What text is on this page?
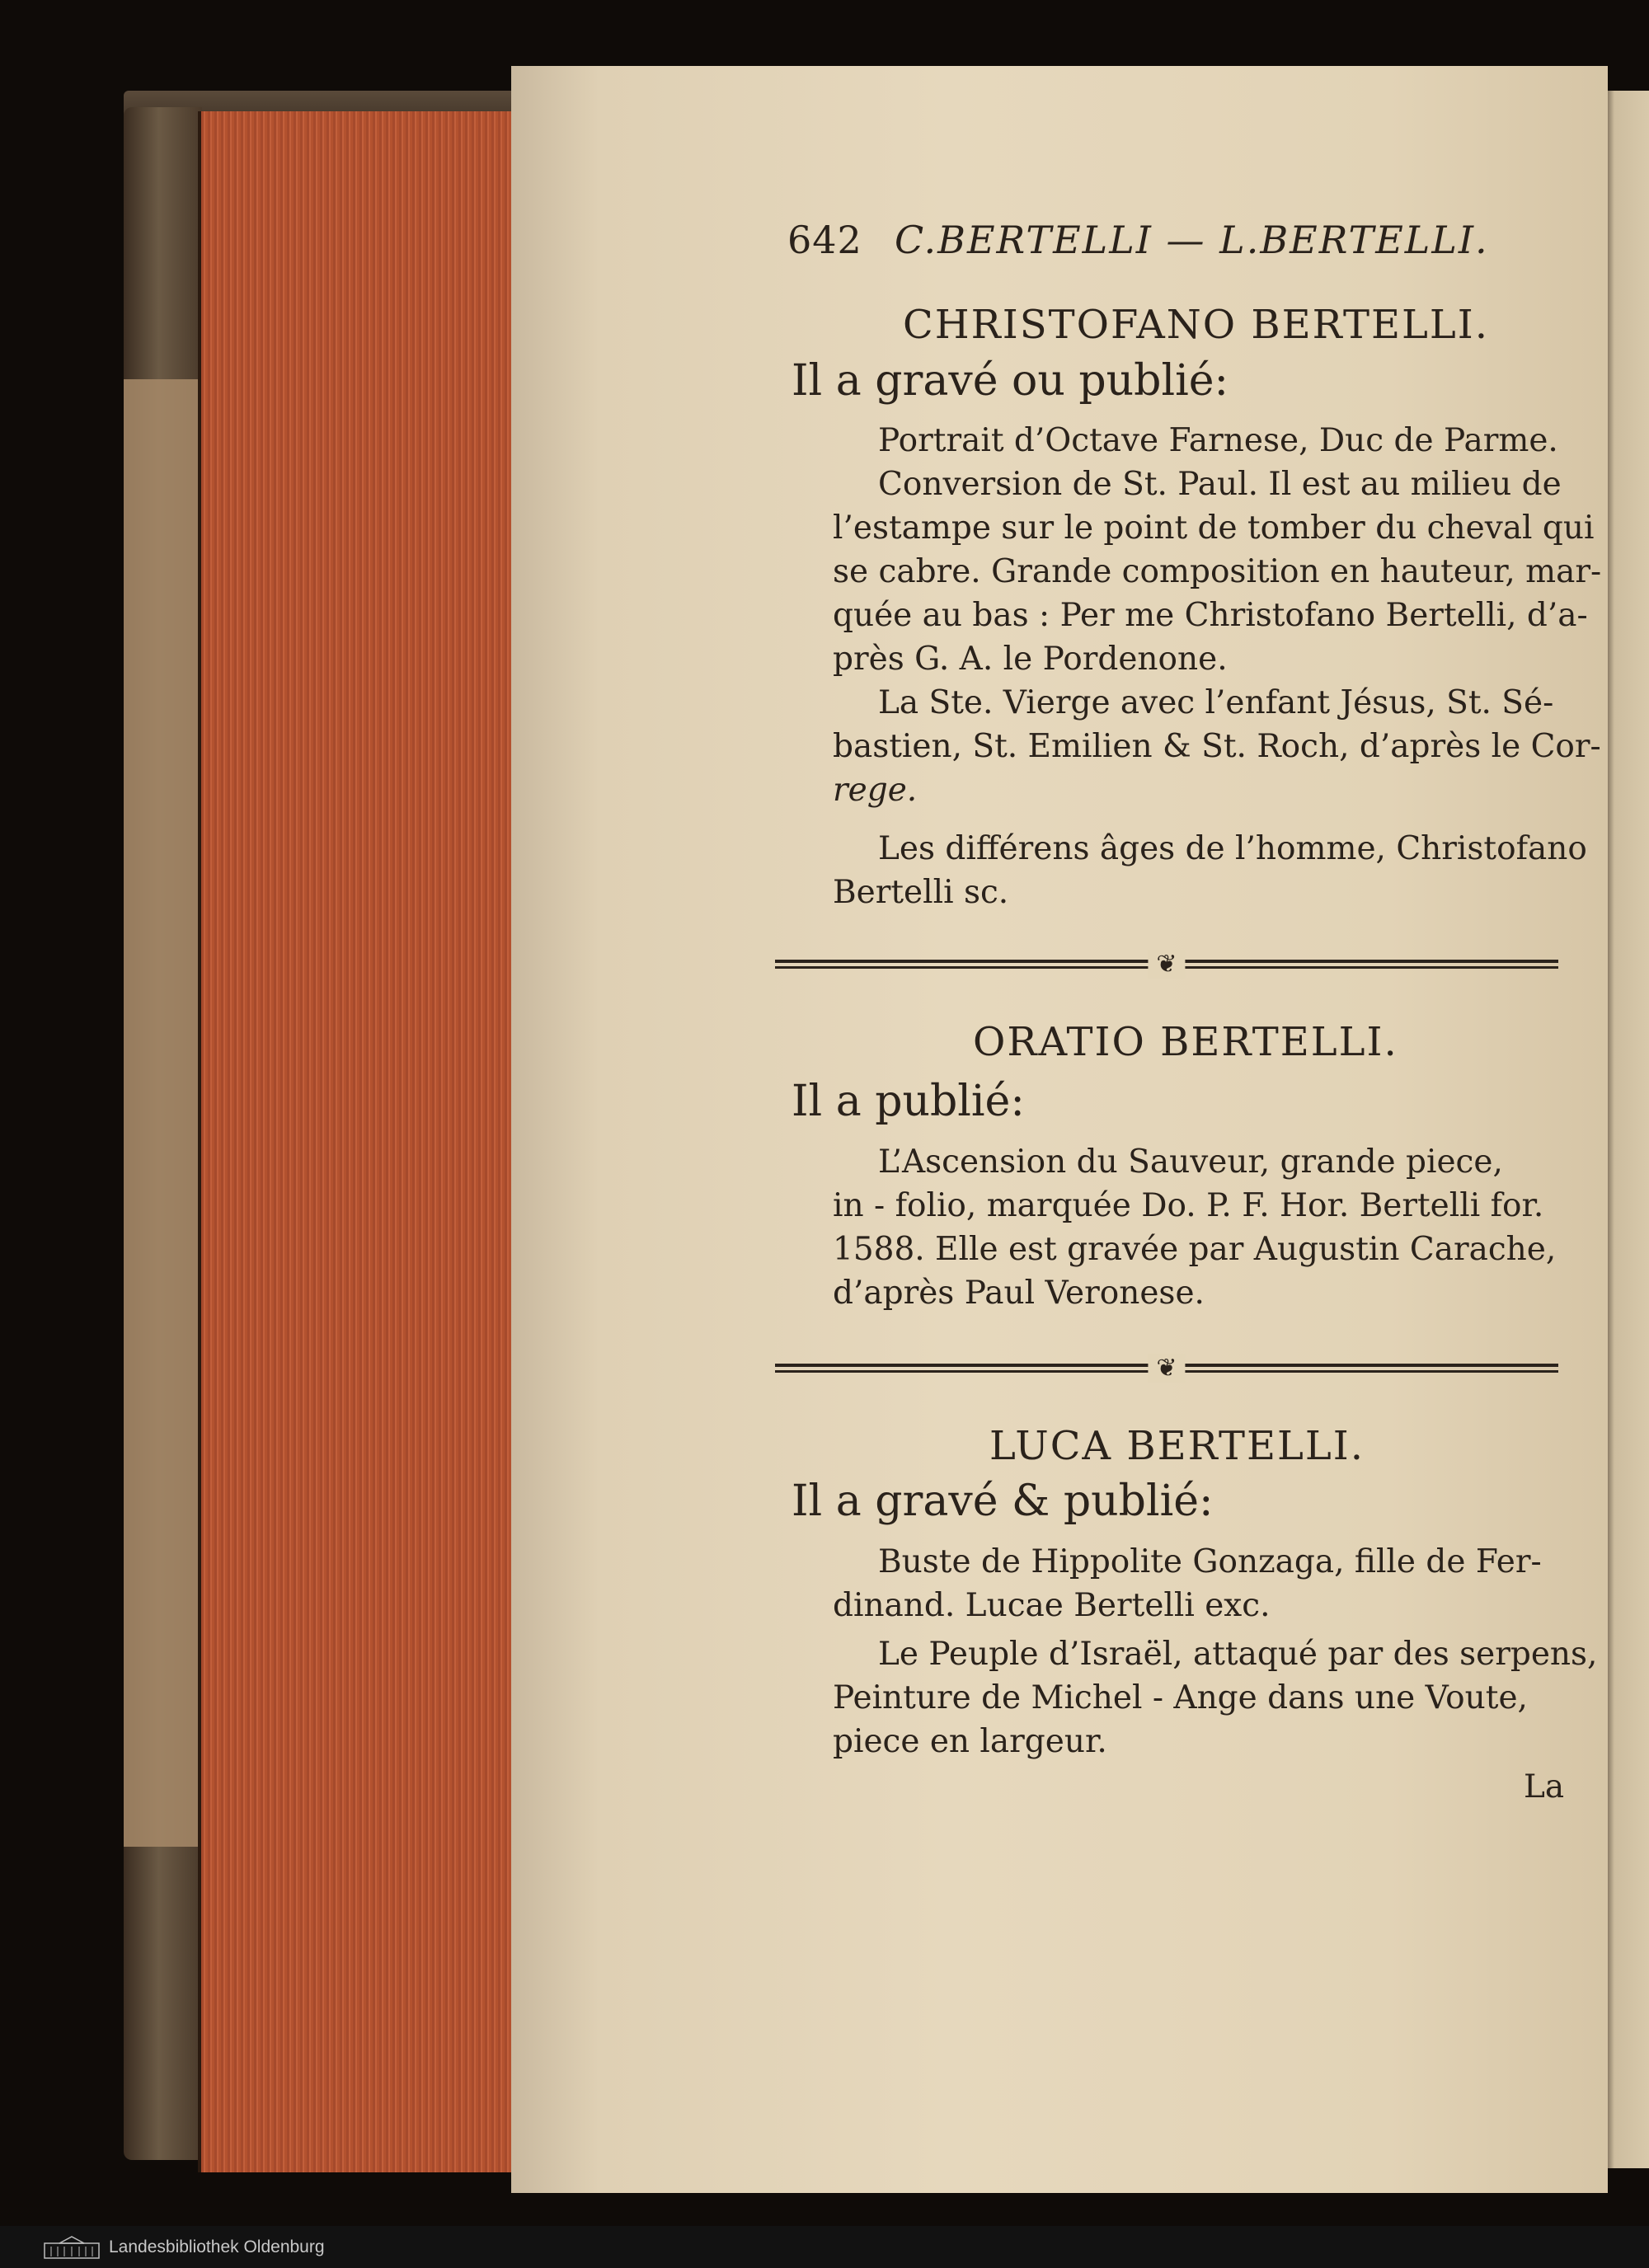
642 C.BERTELLI — L.BERTELLI.
CHRISTOFANO BERTELLI.
Il a gravé ou publié:
Portrait d’Octave Farnese, Duc de Parme.
Conversion de St. Paul. Il est au milieu de
l’estampe sur le point de tomber du cheval qui
se cabre. Grande composition en hauteur, mar-
quée au bas : Per me Christofano Bertelli, d’a-
près G. A. le Pordenone.
La Ste. Vierge avec l’enfant Jésus, St. Sé-
bastien, St. Emilien & St. Roch, d’après le Cor-
rege.
Les différens âges de l’homme, Christofano
Bertelli sc.
❦
ORATIO BERTELLI.
Il a publié:
L’Ascension du Sauveur, grande piece,
in - folio, marquée Do. P. F. Hor. Bertelli for.
1588. Elle est gravée par Augustin Carache,
d’après Paul Veronese.
❦
LUCA BERTELLI.
Il a gravé & publié:
Buste de Hippolite Gonzaga, fille de Fer-
dinand. Lucae Bertelli exc.
Le Peuple d’Israël, attaqué par des serpens,
Peinture de Michel - Ange dans une Voute,
piece en largeur.
La
Landesbibliothek Oldenburg
